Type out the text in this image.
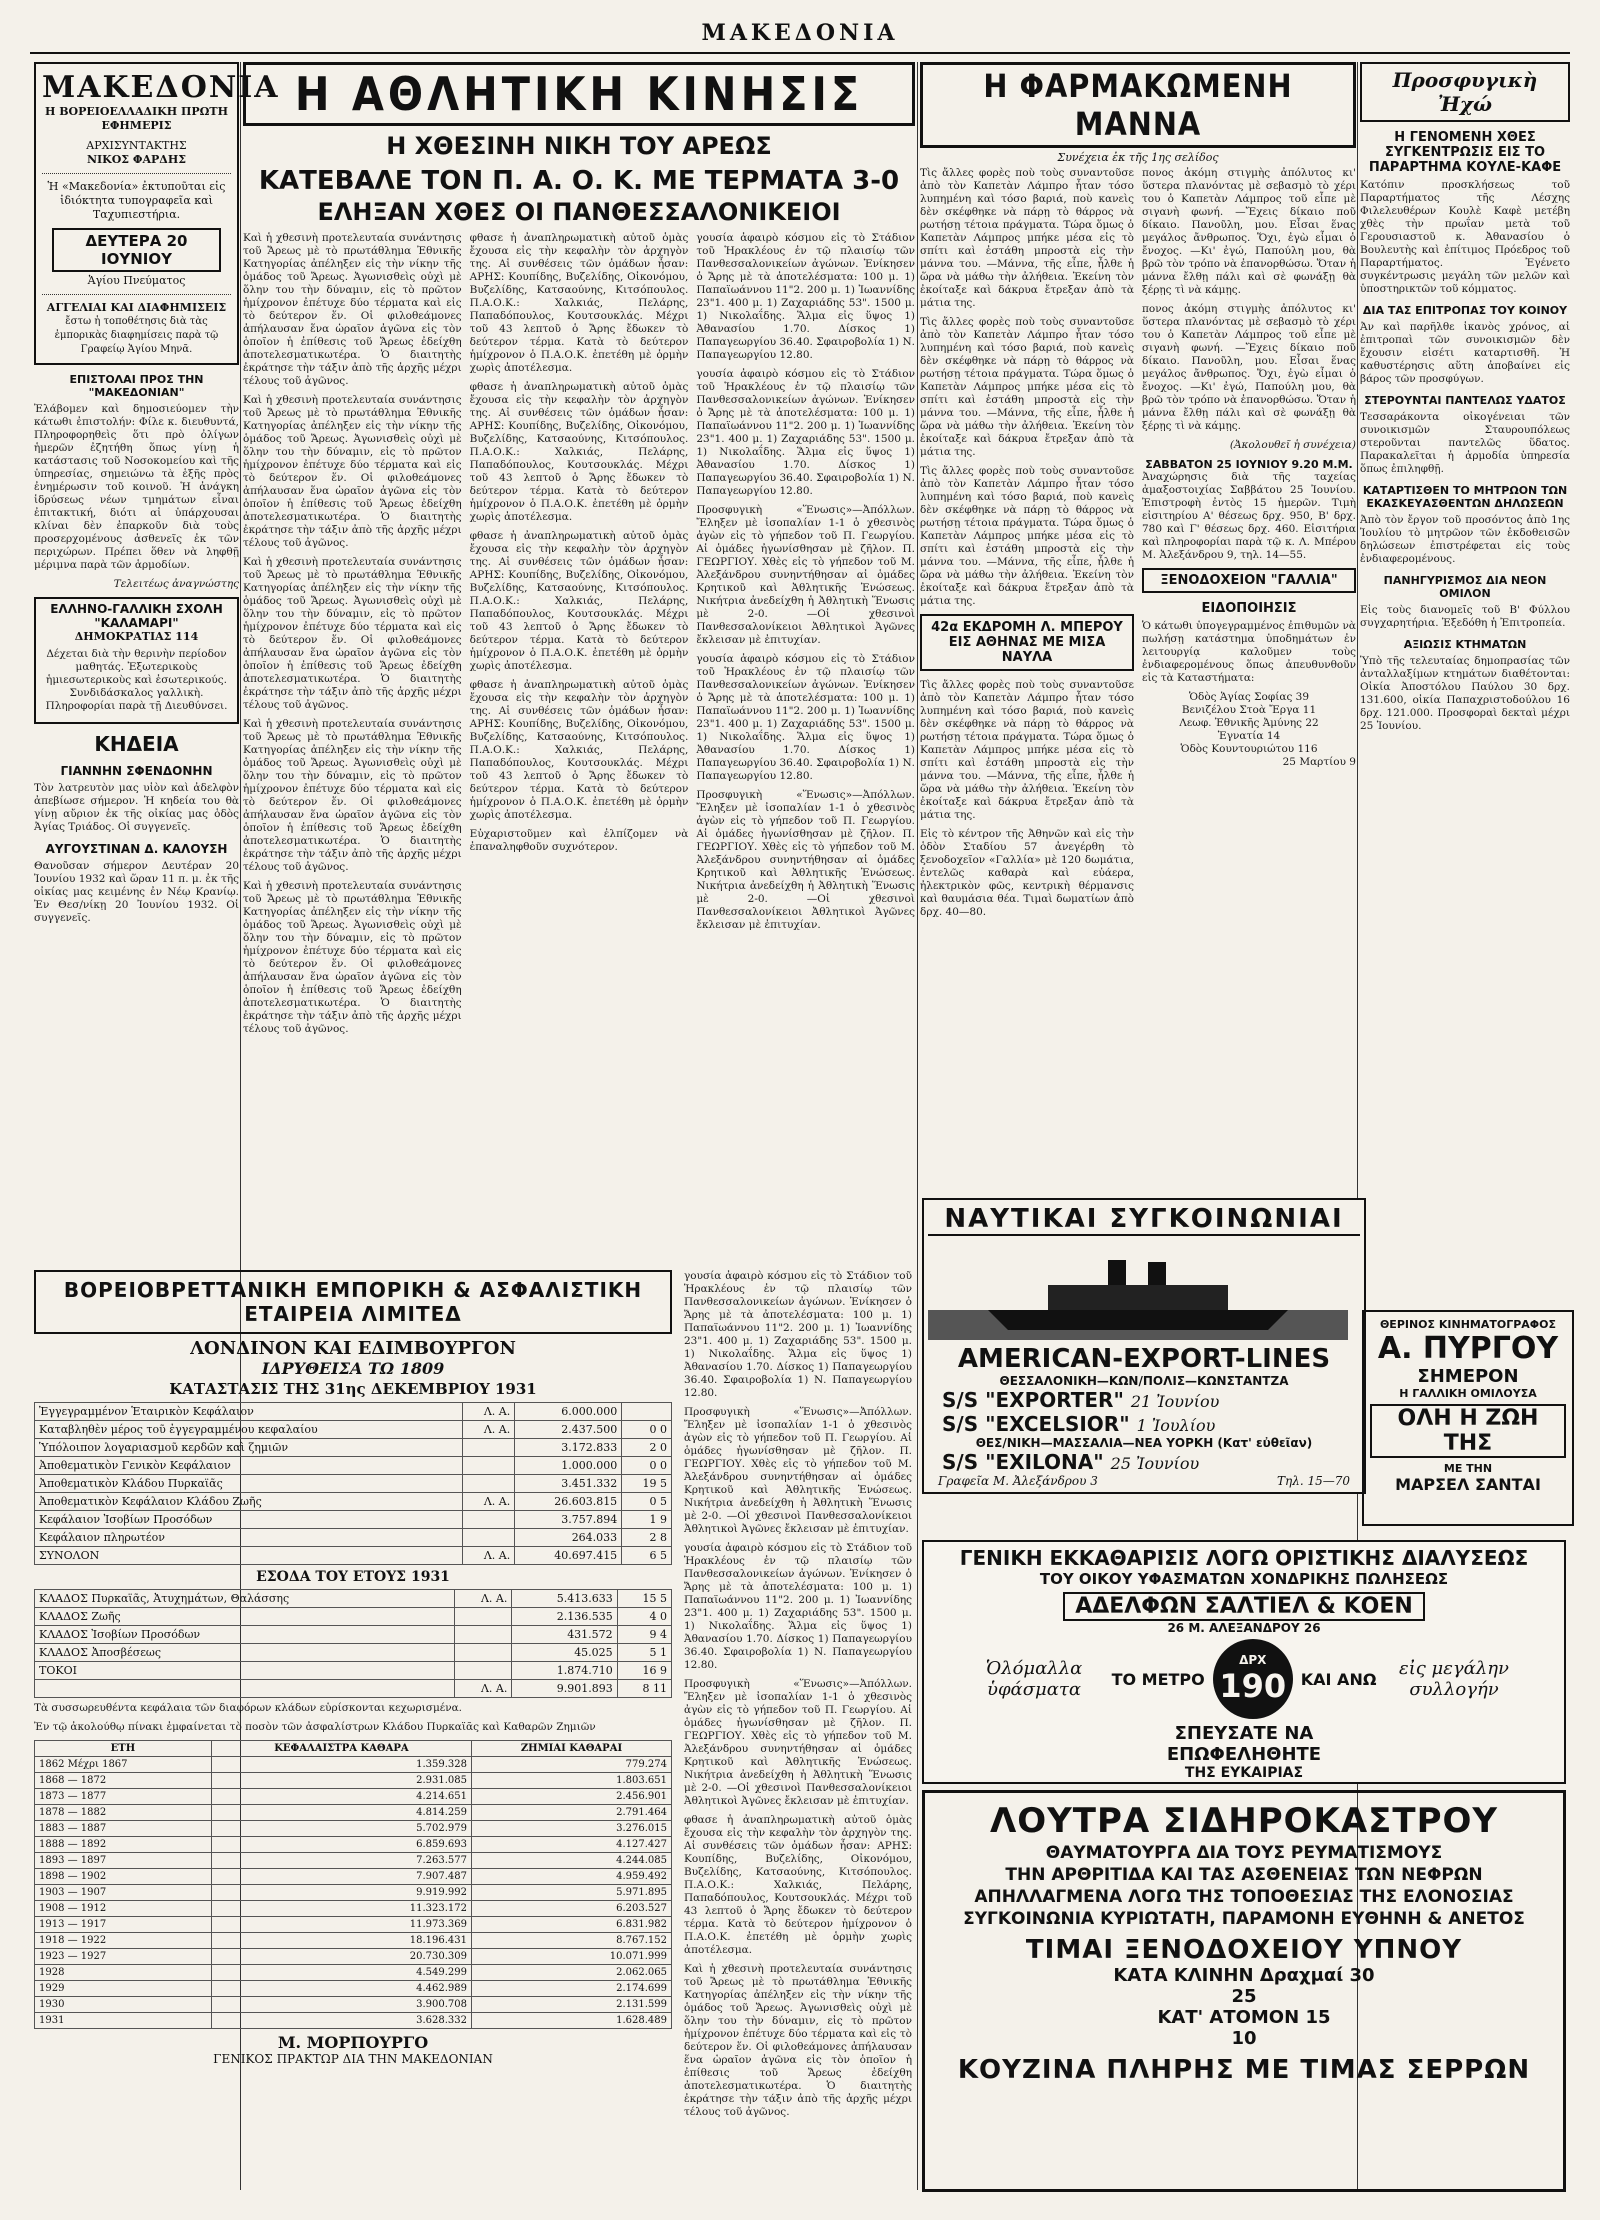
ΜΑΚΕΔΟΝΙΑ
ΜΑΚΕΔΟΝΙΑ
Η ΒΟΡΕΙΟΕΛΛΑΔΙΚΗ ΠΡΩΤΗ ΕΦΗΜΕΡΙΣ
ΑΡΧΙΣΥΝΤΑΚΤΗΣ
ΝΙΚΟΣ ΦΑΡΔΗΣ
Ἡ «Μακεδονία» ἐκτυποῦται εἰς ἰδιόκτητα τυπογραφεῖα καὶ Ταχυπιεστήρια.
ΔΕΥΤΕΡΑ 20 ΙΟΥΝΙΟΥ
Ἁγίου Πνεύματος
ΑΓΓΕΛΙΑΙ ΚΑΙ ΔΙΑΦΗΜΙΣΕΙΣ
ἔστω ἡ τοποθέτησις διὰ τὰς ἐμπορικὰς διαφημίσεις παρὰ τῷ Γραφείῳ Ἁγίου Μηνᾶ.
ΕΠΙΣΤΟΛΑΙ ΠΡΟΣ ΤΗΝ "ΜΑΚΕΔΟΝΙΑΝ"

Ἐλάβομεν καὶ δημοσιεύομεν τὴν κάτωθι ἐπιστολήν: Φίλε κ. διευθυντά, Πληροφορηθεὶς ὅτι πρὸ ὀλίγων ἡμερῶν ἐζητήθη ὅπως γίνῃ ἡ κατάστασις τοῦ Νοσοκομείου καὶ τῆς ὑπηρεσίας, σημειώνω τὰ ἑξῆς πρὸς ἐνημέρωσιν τοῦ κοινοῦ. Ἡ ἀνάγκη ἱδρύσεως νέων τμημάτων εἶναι ἐπιτακτική, διότι αἱ ὑπάρχουσαι κλίναι δὲν ἐπαρκοῦν διὰ τοὺς προσερχομένους ἀσθενεῖς ἐκ τῶν περιχώρων. Πρέπει ὅθεν νὰ ληφθῇ μέριμνα παρὰ τῶν ἁρμοδίων.

Τελειτέως ἀναγνώστης

ΕΛΛΗΝΟ-ΓΑΛΛΙΚΗ ΣΧΟΛΗ "ΚΑΛΑΜΑΡΙ"
ΔΗΜΟΚΡΑΤΙΑΣ 114

Δέχεται διὰ τὴν θερινὴν περίοδον μαθητάς. Ἐξωτερικοὺς ἡμιεσωτερικοὺς καὶ ἐσωτερικούς. Συνδιδάσκαλος γαλλικὴ. Πληροφορίαι παρὰ τῇ Διευθύνσει.

ΚΗΔΕΙΑ
ΓΙΑΝΝΗΝ ΣΦΕΝΔΟΝΗΝ

Τὸν λατρευτὸν μας υἱὸν καὶ ἀδελφὸν ἀπεβίωσε σήμερον. Ἡ κηδεία του θὰ γίνῃ αὔριον ἐκ τῆς οἰκίας μας ὁδὸς Ἀγίας Τριάδος. Οἱ συγγενεῖς.

ΑΥΓΟΥΣΤΙΝΑΝ Δ. ΚΑΛΟΥΣΗ

Θανοῦσαν σήμερον Δευτέραν 20 Ἰουνίου 1932 καὶ ὥραν 11 π. μ. ἐκ τῆς οἰκίας μας κειμένης ἐν Νέῳ Κρανίῳ. Ἐν Θεσ/νίκῃ 20 Ἰουνίου 1932. Οἱ συγγενεῖς.

Η ΑΘΛΗΤΙΚΗ ΚΙΝΗΣΙΣ
Η ΧΘΕΣΙΝΗ ΝΙΚΗ ΤΟΥ ΑΡΕΩΣ
ΚΑΤΕΒΑΛΕ ΤΟΝ Π. Α. Ο. Κ. ΜΕ ΤΕΡΜΑΤΑ 3-0
ΕΛΗΞΑΝ ΧΘΕΣ ΟΙ ΠΑΝΘΕΣΣΑΛΟΝΙΚΕΙΟΙ

Καὶ ἡ χθεσινὴ προτελευταία συνάντησις τοῦ Ἄρεως μὲ τὸ πρωτάθλημα Ἐθνικῆς Κατηγορίας ἀπέληξεν εἰς τὴν νίκην τῆς ὁμάδος τοῦ Ἄρεως. Ἀγωνισθεὶς οὐχὶ μὲ ὅλην του τὴν δύναμιν, εἰς τὸ πρῶτον ἡμίχρονον ἐπέτυχε δύο τέρματα καὶ εἰς τὸ δεύτερον ἕν. Οἱ φιλοθεάμονες ἀπήλαυσαν ἕνα ὡραῖον ἀγῶνα εἰς τὸν ὁποῖον ἡ ἐπίθεσις τοῦ Ἄρεως ἐδείχθη ἀποτελεσματικωτέρα. Ὁ διαιτητὴς ἐκράτησε τὴν τάξιν ἀπὸ τῆς ἀρχῆς μέχρι τέλους τοῦ ἀγῶνος.

Καὶ ἡ χθεσινὴ προτελευταία συνάντησις τοῦ Ἄρεως μὲ τὸ πρωτάθλημα Ἐθνικῆς Κατηγορίας ἀπέληξεν εἰς τὴν νίκην τῆς ὁμάδος τοῦ Ἄρεως. Ἀγωνισθεὶς οὐχὶ μὲ ὅλην του τὴν δύναμιν, εἰς τὸ πρῶτον ἡμίχρονον ἐπέτυχε δύο τέρματα καὶ εἰς τὸ δεύτερον ἕν. Οἱ φιλοθεάμονες ἀπήλαυσαν ἕνα ὡραῖον ἀγῶνα εἰς τὸν ὁποῖον ἡ ἐπίθεσις τοῦ Ἄρεως ἐδείχθη ἀποτελεσματικωτέρα. Ὁ διαιτητὴς ἐκράτησε τὴν τάξιν ἀπὸ τῆς ἀρχῆς μέχρι τέλους τοῦ ἀγῶνος.

Καὶ ἡ χθεσινὴ προτελευταία συνάντησις τοῦ Ἄρεως μὲ τὸ πρωτάθλημα Ἐθνικῆς Κατηγορίας ἀπέληξεν εἰς τὴν νίκην τῆς ὁμάδος τοῦ Ἄρεως. Ἀγωνισθεὶς οὐχὶ μὲ ὅλην του τὴν δύναμιν, εἰς τὸ πρῶτον ἡμίχρονον ἐπέτυχε δύο τέρματα καὶ εἰς τὸ δεύτερον ἕν. Οἱ φιλοθεάμονες ἀπήλαυσαν ἕνα ὡραῖον ἀγῶνα εἰς τὸν ὁποῖον ἡ ἐπίθεσις τοῦ Ἄρεως ἐδείχθη ἀποτελεσματικωτέρα. Ὁ διαιτητὴς ἐκράτησε τὴν τάξιν ἀπὸ τῆς ἀρχῆς μέχρι τέλους τοῦ ἀγῶνος.

Καὶ ἡ χθεσινὴ προτελευταία συνάντησις τοῦ Ἄρεως μὲ τὸ πρωτάθλημα Ἐθνικῆς Κατηγορίας ἀπέληξεν εἰς τὴν νίκην τῆς ὁμάδος τοῦ Ἄρεως. Ἀγωνισθεὶς οὐχὶ μὲ ὅλην του τὴν δύναμιν, εἰς τὸ πρῶτον ἡμίχρονον ἐπέτυχε δύο τέρματα καὶ εἰς τὸ δεύτερον ἕν. Οἱ φιλοθεάμονες ἀπήλαυσαν ἕνα ὡραῖον ἀγῶνα εἰς τὸν ὁποῖον ἡ ἐπίθεσις τοῦ Ἄρεως ἐδείχθη ἀποτελεσματικωτέρα. Ὁ διαιτητὴς ἐκράτησε τὴν τάξιν ἀπὸ τῆς ἀρχῆς μέχρι τέλους τοῦ ἀγῶνος.

Καὶ ἡ χθεσινὴ προτελευταία συνάντησις τοῦ Ἄρεως μὲ τὸ πρωτάθλημα Ἐθνικῆς Κατηγορίας ἀπέληξεν εἰς τὴν νίκην τῆς ὁμάδος τοῦ Ἄρεως. Ἀγωνισθεὶς οὐχὶ μὲ ὅλην του τὴν δύναμιν, εἰς τὸ πρῶτον ἡμίχρονον ἐπέτυχε δύο τέρματα καὶ εἰς τὸ δεύτερον ἕν. Οἱ φιλοθεάμονες ἀπήλαυσαν ἕνα ὡραῖον ἀγῶνα εἰς τὸν ὁποῖον ἡ ἐπίθεσις τοῦ Ἄρεως ἐδείχθη ἀποτελεσματικωτέρα. Ὁ διαιτητὴς ἐκράτησε τὴν τάξιν ἀπὸ τῆς ἀρχῆς μέχρι τέλους τοῦ ἀγῶνος.

φθασε ἡ ἀναπληρωματικὴ αὐτοῦ ὁμὰς ἔχουσα εἰς τὴν κεφαλὴν τὸν ἀρχηγὸν της. Αἱ συνθέσεις τῶν ὁμάδων ἦσαν: ΑΡΗΣ: Κουπίδης, Βυζελίδης, Οἰκονόμου, Βυζελίδης, Κατσαούνης, Κιτσόπουλος. Π.Α.Ο.Κ.: Χαλκιάς, Πελάρης, Παπαδόπουλος, Κουτσουκλάς. Μέχρι τοῦ 43 λεπτοῦ ὁ Ἄρης ἔδωκεν τὸ δεύτερον τέρμα. Κατὰ τὸ δεύτερον ἡμίχρονον ὁ Π.Α.Ο.Κ. ἐπετέθη μὲ ὁρμὴν χωρὶς ἀποτέλεσμα.

φθασε ἡ ἀναπληρωματικὴ αὐτοῦ ὁμὰς ἔχουσα εἰς τὴν κεφαλὴν τὸν ἀρχηγὸν της. Αἱ συνθέσεις τῶν ὁμάδων ἦσαν: ΑΡΗΣ: Κουπίδης, Βυζελίδης, Οἰκονόμου, Βυζελίδης, Κατσαούνης, Κιτσόπουλος. Π.Α.Ο.Κ.: Χαλκιάς, Πελάρης, Παπαδόπουλος, Κουτσουκλάς. Μέχρι τοῦ 43 λεπτοῦ ὁ Ἄρης ἔδωκεν τὸ δεύτερον τέρμα. Κατὰ τὸ δεύτερον ἡμίχρονον ὁ Π.Α.Ο.Κ. ἐπετέθη μὲ ὁρμὴν χωρὶς ἀποτέλεσμα.

φθασε ἡ ἀναπληρωματικὴ αὐτοῦ ὁμὰς ἔχουσα εἰς τὴν κεφαλὴν τὸν ἀρχηγὸν της. Αἱ συνθέσεις τῶν ὁμάδων ἦσαν: ΑΡΗΣ: Κουπίδης, Βυζελίδης, Οἰκονόμου, Βυζελίδης, Κατσαούνης, Κιτσόπουλος. Π.Α.Ο.Κ.: Χαλκιάς, Πελάρης, Παπαδόπουλος, Κουτσουκλάς. Μέχρι τοῦ 43 λεπτοῦ ὁ Ἄρης ἔδωκεν τὸ δεύτερον τέρμα. Κατὰ τὸ δεύτερον ἡμίχρονον ὁ Π.Α.Ο.Κ. ἐπετέθη μὲ ὁρμὴν χωρὶς ἀποτέλεσμα.

φθασε ἡ ἀναπληρωματικὴ αὐτοῦ ὁμὰς ἔχουσα εἰς τὴν κεφαλὴν τὸν ἀρχηγὸν της. Αἱ συνθέσεις τῶν ὁμάδων ἦσαν: ΑΡΗΣ: Κουπίδης, Βυζελίδης, Οἰκονόμου, Βυζελίδης, Κατσαούνης, Κιτσόπουλος. Π.Α.Ο.Κ.: Χαλκιάς, Πελάρης, Παπαδόπουλος, Κουτσουκλάς. Μέχρι τοῦ 43 λεπτοῦ ὁ Ἄρης ἔδωκεν τὸ δεύτερον τέρμα. Κατὰ τὸ δεύτερον ἡμίχρονον ὁ Π.Α.Ο.Κ. ἐπετέθη μὲ ὁρμὴν χωρὶς ἀποτέλεσμα.

Εὐχαριστοῦμεν καὶ ἐλπίζομεν νὰ ἐπαναληφθοῦν συχνότερον.

γουσία ἀφαιρὸ κόσμου εἰς τὸ Στάδιον τοῦ Ἡρακλέους ἐν τῷ πλαισίῳ τῶν Πανθεσσαλονικείων ἀγώνων. Ἐνίκησεν ὁ Ἄρης μὲ τὰ ἀποτελέσματα: 100 μ. 1) Παπαϊωάννου 11"2. 200 μ. 1) Ἰωαννίδης 23"1. 400 μ. 1) Ζαχαριάδης 53". 1500 μ. 1) Νικολαΐδης. Ἅλμα εἰς ὕψος 1) Ἀθανασίου 1.70. Δίσκος 1) Παπαγεωργίου 36.40. Σφαιροβολία 1) Ν. Παπαγεωργίου 12.80.

γουσία ἀφαιρὸ κόσμου εἰς τὸ Στάδιον τοῦ Ἡρακλέους ἐν τῷ πλαισίῳ τῶν Πανθεσσαλονικείων ἀγώνων. Ἐνίκησεν ὁ Ἄρης μὲ τὰ ἀποτελέσματα: 100 μ. 1) Παπαϊωάννου 11"2. 200 μ. 1) Ἰωαννίδης 23"1. 400 μ. 1) Ζαχαριάδης 53". 1500 μ. 1) Νικολαΐδης. Ἅλμα εἰς ὕψος 1) Ἀθανασίου 1.70. Δίσκος 1) Παπαγεωργίου 36.40. Σφαιροβολία 1) Ν. Παπαγεωργίου 12.80.

Προσφυγικὴ «Ἕνωσις»—Ἀπόλλων. Ἔληξεν μὲ ἰσοπαλίαν 1-1 ὁ χθεσινὸς ἀγὼν εἰς τὸ γήπεδον τοῦ Π. Γεωργίου. Αἱ ὁμάδες ἠγωνίσθησαν μὲ ζῆλον. Π. ΓΕΩΡΓΙΟΥ. Χθὲς εἰς τὸ γήπεδον τοῦ Μ. Ἀλεξάνδρου συνηντήθησαν αἱ ὁμάδες Κρητικοῦ καὶ Ἀθλητικῆς Ἑνώσεως. Νικήτρια ἀνεδείχθη ἡ Ἀθλητικὴ Ἕνωσις μὲ 2-0. —Οἱ χθεσινοὶ Πανθεσσαλονίκειοι Ἀθλητικοὶ Ἀγῶνες ἔκλεισαν μὲ ἐπιτυχίαν.

γουσία ἀφαιρὸ κόσμου εἰς τὸ Στάδιον τοῦ Ἡρακλέους ἐν τῷ πλαισίῳ τῶν Πανθεσσαλονικείων ἀγώνων. Ἐνίκησεν ὁ Ἄρης μὲ τὰ ἀποτελέσματα: 100 μ. 1) Παπαϊωάννου 11"2. 200 μ. 1) Ἰωαννίδης 23"1. 400 μ. 1) Ζαχαριάδης 53". 1500 μ. 1) Νικολαΐδης. Ἅλμα εἰς ὕψος 1) Ἀθανασίου 1.70. Δίσκος 1) Παπαγεωργίου 36.40. Σφαιροβολία 1) Ν. Παπαγεωργίου 12.80.

Προσφυγικὴ «Ἕνωσις»—Ἀπόλλων. Ἔληξεν μὲ ἰσοπαλίαν 1-1 ὁ χθεσινὸς ἀγὼν εἰς τὸ γήπεδον τοῦ Π. Γεωργίου. Αἱ ὁμάδες ἠγωνίσθησαν μὲ ζῆλον. Π. ΓΕΩΡΓΙΟΥ. Χθὲς εἰς τὸ γήπεδον τοῦ Μ. Ἀλεξάνδρου συνηντήθησαν αἱ ὁμάδες Κρητικοῦ καὶ Ἀθλητικῆς Ἑνώσεως. Νικήτρια ἀνεδείχθη ἡ Ἀθλητικὴ Ἕνωσις μὲ 2-0. —Οἱ χθεσινοὶ Πανθεσσαλονίκειοι Ἀθλητικοὶ Ἀγῶνες ἔκλεισαν μὲ ἐπιτυχίαν.

ΒΟΡΕΙΟΒΡΕΤΤΑΝΙΚΗ ΕΜΠΟΡΙΚΗ & ΑΣΦΑΛΙΣΤΙΚΗ ΕΤΑΙΡΕΙΑ ΛΙΜΙΤΕΔ
ΛΟΝΔΙΝΟΝ ΚΑΙ ΕΔΙΜΒΟΥΡΓΟΝ
ΙΔΡΥΘΕΙΣΑ ΤΩ 1809
ΚΑΤΑΣΤΑΣΙΣ ΤΗΣ 31ης ΔΕΚΕΜΒΡΙΟΥ 1931
Ἐγγεγραμμένον Ἑταιρικὸν Κεφάλαιον	Λ. Α.	6.000.000	
Καταβληθὲν μέρος τοῦ ἐγγεγραμμένου κεφαλαίου	Λ. Α.	2.437.500	0 0
Ὑπόλοιπον λογαριασμοῦ κερδῶν καὶ ζημιῶν		3.172.833	2 0
Ἀποθεματικὸν Γενικὸν Κεφάλαιον		1.000.000	0 0
Ἀποθεματικὸν Κλάδου Πυρκαϊᾶς		3.451.332	19 5
Ἀποθεματικὸν Κεφάλαιον Κλάδου Ζωῆς	Λ. Α.	26.603.815	0 5
Κεφάλαιον Ἰσοβίων Προσόδων		3.757.894	1 9
Κεφάλαιον πληρωτέον		264.033	2 8
ΣΥΝΟΛΟΝ	Λ. Α.	40.697.415	6 5
ΕΣΟΔΑ ΤΟΥ ΕΤΟΥΣ 1931
ΚΛΑΔΟΣ Πυρκαϊᾶς, Ἀτυχημάτων, Θαλάσσης	Λ. Α.	5.413.633	15 5
ΚΛΑΔΟΣ Ζωῆς		2.136.535	4 0
ΚΛΑΔΟΣ Ἰσοβίων Προσόδων		431.572	9 4
ΚΛΑΔΟΣ Ἀποσβέσεως		45.025	5 1
ΤΟΚΟΙ		1.874.710	16 9
	Λ. Α.	9.901.893	8 11

Τὰ συσσωρευθέντα κεφάλαια τῶν διαφόρων κλάδων εὑρίσκονται κεχωρισμένα.

Ἐν τῷ ἀκολούθῳ πίνακι ἐμφαίνεται τὸ ποσὸν τῶν ἀσφαλίστρων Κλάδου Πυρκαϊᾶς καὶ Καθαρῶν Ζημιῶν

ΕΤΗ	ΚΕΦΑΛΑΙΣΤΡΑ ΚΑΘΑΡΑ	ΖΗΜΙΑΙ ΚΑΘΑΡΑΙ
1862 Μέχρι 1867	1.359.328	779.274
1868 — 1872	2.931.085	1.803.651
1873 — 1877	4.214.651	2.456.901
1878 — 1882	4.814.259	2.791.464
1883 — 1887	5.702.979	3.276.015
1888 — 1892	6.859.693	4.127.427
1893 — 1897	7.263.577	4.244.085
1898 — 1902	7.907.487	4.959.492
1903 — 1907	9.919.992	5.971.895
1908 — 1912	11.323.172	6.203.527
1913 — 1917	11.973.369	6.831.982
1918 — 1922	18.196.431	8.767.152
1923 — 1927	20.730.309	10.071.999
1928	4.549.299	2.062.065
1929	4.462.989	2.174.699
1930	3.900.708	2.131.599
1931	3.628.332	1.628.489
Μ. ΜΟΡΠΟΥΡΓΟ
ΓΕΝΙΚΟΣ ΠΡΑΚΤΩΡ ΔΙΑ ΤΗΝ ΜΑΚΕΔΟΝΙΑΝ

γουσία ἀφαιρὸ κόσμου εἰς τὸ Στάδιον τοῦ Ἡρακλέους ἐν τῷ πλαισίῳ τῶν Πανθεσσαλονικείων ἀγώνων. Ἐνίκησεν ὁ Ἄρης μὲ τὰ ἀποτελέσματα: 100 μ. 1) Παπαϊωάννου 11"2. 200 μ. 1) Ἰωαννίδης 23"1. 400 μ. 1) Ζαχαριάδης 53". 1500 μ. 1) Νικολαΐδης. Ἅλμα εἰς ὕψος 1) Ἀθανασίου 1.70. Δίσκος 1) Παπαγεωργίου 36.40. Σφαιροβολία 1) Ν. Παπαγεωργίου 12.80.

Προσφυγικὴ «Ἕνωσις»—Ἀπόλλων. Ἔληξεν μὲ ἰσοπαλίαν 1-1 ὁ χθεσινὸς ἀγὼν εἰς τὸ γήπεδον τοῦ Π. Γεωργίου. Αἱ ὁμάδες ἠγωνίσθησαν μὲ ζῆλον. Π. ΓΕΩΡΓΙΟΥ. Χθὲς εἰς τὸ γήπεδον τοῦ Μ. Ἀλεξάνδρου συνηντήθησαν αἱ ὁμάδες Κρητικοῦ καὶ Ἀθλητικῆς Ἑνώσεως. Νικήτρια ἀνεδείχθη ἡ Ἀθλητικὴ Ἕνωσις μὲ 2-0. —Οἱ χθεσινοὶ Πανθεσσαλονίκειοι Ἀθλητικοὶ Ἀγῶνες ἔκλεισαν μὲ ἐπιτυχίαν.

γουσία ἀφαιρὸ κόσμου εἰς τὸ Στάδιον τοῦ Ἡρακλέους ἐν τῷ πλαισίῳ τῶν Πανθεσσαλονικείων ἀγώνων. Ἐνίκησεν ὁ Ἄρης μὲ τὰ ἀποτελέσματα: 100 μ. 1) Παπαϊωάννου 11"2. 200 μ. 1) Ἰωαννίδης 23"1. 400 μ. 1) Ζαχαριάδης 53". 1500 μ. 1) Νικολαΐδης. Ἅλμα εἰς ὕψος 1) Ἀθανασίου 1.70. Δίσκος 1) Παπαγεωργίου 36.40. Σφαιροβολία 1) Ν. Παπαγεωργίου 12.80.

Προσφυγικὴ «Ἕνωσις»—Ἀπόλλων. Ἔληξεν μὲ ἰσοπαλίαν 1-1 ὁ χθεσινὸς ἀγὼν εἰς τὸ γήπεδον τοῦ Π. Γεωργίου. Αἱ ὁμάδες ἠγωνίσθησαν μὲ ζῆλον. Π. ΓΕΩΡΓΙΟΥ. Χθὲς εἰς τὸ γήπεδον τοῦ Μ. Ἀλεξάνδρου συνηντήθησαν αἱ ὁμάδες Κρητικοῦ καὶ Ἀθλητικῆς Ἑνώσεως. Νικήτρια ἀνεδείχθη ἡ Ἀθλητικὴ Ἕνωσις μὲ 2-0. —Οἱ χθεσινοὶ Πανθεσσαλονίκειοι Ἀθλητικοὶ Ἀγῶνες ἔκλεισαν μὲ ἐπιτυχίαν.

φθασε ἡ ἀναπληρωματικὴ αὐτοῦ ὁμὰς ἔχουσα εἰς τὴν κεφαλὴν τὸν ἀρχηγὸν της. Αἱ συνθέσεις τῶν ὁμάδων ἦσαν: ΑΡΗΣ: Κουπίδης, Βυζελίδης, Οἰκονόμου, Βυζελίδης, Κατσαούνης, Κιτσόπουλος. Π.Α.Ο.Κ.: Χαλκιάς, Πελάρης, Παπαδόπουλος, Κουτσουκλάς. Μέχρι τοῦ 43 λεπτοῦ ὁ Ἄρης ἔδωκεν τὸ δεύτερον τέρμα. Κατὰ τὸ δεύτερον ἡμίχρονον ὁ Π.Α.Ο.Κ. ἐπετέθη μὲ ὁρμὴν χωρὶς ἀποτέλεσμα.

Καὶ ἡ χθεσινὴ προτελευταία συνάντησις τοῦ Ἄρεως μὲ τὸ πρωτάθλημα Ἐθνικῆς Κατηγορίας ἀπέληξεν εἰς τὴν νίκην τῆς ὁμάδος τοῦ Ἄρεως. Ἀγωνισθεὶς οὐχὶ μὲ ὅλην του τὴν δύναμιν, εἰς τὸ πρῶτον ἡμίχρονον ἐπέτυχε δύο τέρματα καὶ εἰς τὸ δεύτερον ἕν. Οἱ φιλοθεάμονες ἀπήλαυσαν ἕνα ὡραῖον ἀγῶνα εἰς τὸν ὁποῖον ἡ ἐπίθεσις τοῦ Ἄρεως ἐδείχθη ἀποτελεσματικωτέρα. Ὁ διαιτητὴς ἐκράτησε τὴν τάξιν ἀπὸ τῆς ἀρχῆς μέχρι τέλους τοῦ ἀγῶνος.

Η ΦΑΡΜΑΚΩΜΕΝΗ ΜΑΝΝΑ
Συνέχεια ἐκ τῆς 1ης σελίδος

Τὶς ἄλλες φορὲς ποὺ τοὺς συναντοῦσε ἀπὸ τὸν Καπετὰν Λάμπρο ἦταν τόσο λυπημένη καὶ τόσο βαριά, ποὺ κανεὶς δὲν σκέφθηκε νὰ πάρῃ τὸ θάρρος νὰ ρωτήσῃ τέτοια πράγματα. Τώρα ὅμως ὁ Καπετὰν Λάμπρος μπήκε μέσα εἰς τὸ σπίτι καὶ ἐστάθη μπροστὰ εἰς τὴν μάννα του. —Μάννα, τῆς εἶπε, ἦλθε ἡ ὥρα νὰ μάθω τὴν ἀλήθεια. Ἐκείνη τὸν ἐκοίταξε καὶ δάκρυα ἔτρεξαν ἀπὸ τὰ μάτια της.

Τὶς ἄλλες φορὲς ποὺ τοὺς συναντοῦσε ἀπὸ τὸν Καπετὰν Λάμπρο ἦταν τόσο λυπημένη καὶ τόσο βαριά, ποὺ κανεὶς δὲν σκέφθηκε νὰ πάρῃ τὸ θάρρος νὰ ρωτήσῃ τέτοια πράγματα. Τώρα ὅμως ὁ Καπετὰν Λάμπρος μπήκε μέσα εἰς τὸ σπίτι καὶ ἐστάθη μπροστὰ εἰς τὴν μάννα του. —Μάννα, τῆς εἶπε, ἦλθε ἡ ὥρα νὰ μάθω τὴν ἀλήθεια. Ἐκείνη τὸν ἐκοίταξε καὶ δάκρυα ἔτρεξαν ἀπὸ τὰ μάτια της.

Τὶς ἄλλες φορὲς ποὺ τοὺς συναντοῦσε ἀπὸ τὸν Καπετὰν Λάμπρο ἦταν τόσο λυπημένη καὶ τόσο βαριά, ποὺ κανεὶς δὲν σκέφθηκε νὰ πάρῃ τὸ θάρρος νὰ ρωτήσῃ τέτοια πράγματα. Τώρα ὅμως ὁ Καπετὰν Λάμπρος μπήκε μέσα εἰς τὸ σπίτι καὶ ἐστάθη μπροστὰ εἰς τὴν μάννα του. —Μάννα, τῆς εἶπε, ἦλθε ἡ ὥρα νὰ μάθω τὴν ἀλήθεια. Ἐκείνη τὸν ἐκοίταξε καὶ δάκρυα ἔτρεξαν ἀπὸ τὰ μάτια της.

42α ΕΚΔΡΟΜΗ Λ. ΜΠΕΡΟΥ
ΕΙΣ ΑΘΗΝΑΣ ΜΕ ΜΙΣΑ ΝΑΥΛΑ

Τὶς ἄλλες φορὲς ποὺ τοὺς συναντοῦσε ἀπὸ τὸν Καπετὰν Λάμπρο ἦταν τόσο λυπημένη καὶ τόσο βαριά, ποὺ κανεὶς δὲν σκέφθηκε νὰ πάρῃ τὸ θάρρος νὰ ρωτήσῃ τέτοια πράγματα. Τώρα ὅμως ὁ Καπετὰν Λάμπρος μπήκε μέσα εἰς τὸ σπίτι καὶ ἐστάθη μπροστὰ εἰς τὴν μάννα του. —Μάννα, τῆς εἶπε, ἦλθε ἡ ὥρα νὰ μάθω τὴν ἀλήθεια. Ἐκείνη τὸν ἐκοίταξε καὶ δάκρυα ἔτρεξαν ἀπὸ τὰ μάτια της.

Εἰς τὸ κέντρον τῆς Ἀθηνῶν καὶ εἰς τὴν ὁδὸν Σταδίου 57 ἀνεγέρθη τὸ ξενοδοχεῖον «Γαλλία» μὲ 120 δωμάτια, ἐντελῶς καθαρὰ καὶ εὐάερα, ἠλεκτρικὸν φῶς, κεντρικὴ θέρμανσις καὶ θαυμάσια θέα. Τιμαὶ δωματίων ἀπὸ δρχ. 40—80.

πονος ἀκόμη στιγμὴς ἀπόλυτος κι' ὕστερα πλανόντας μὲ σεβασμὸ τὸ χέρι του ὁ Καπετὰν Λάμπρος τοῦ εἶπε μὲ σιγανὴ φωνή. —Ἔχεις δίκαιο ποῦ δίκαιο. Πανοῦλη, μου. Εἶσαι ἕνας μεγάλος ἄνθρωπος. Ὅχι, ἐγὼ εἶμαι ὁ ἔνοχος. —Κι' ἐγώ, Παπούλη μου, θὰ βρῶ τὸν τρόπο νὰ ἐπανορθώσω. Ὅταν ἡ μάννα ἔλθῃ πάλι καὶ σὲ φωνάξῃ θὰ ξέρῃς τὶ νὰ κάμῃς.

πονος ἀκόμη στιγμὴς ἀπόλυτος κι' ὕστερα πλανόντας μὲ σεβασμὸ τὸ χέρι του ὁ Καπετὰν Λάμπρος τοῦ εἶπε μὲ σιγανὴ φωνή. —Ἔχεις δίκαιο ποῦ δίκαιο. Πανοῦλη, μου. Εἶσαι ἕνας μεγάλος ἄνθρωπος. Ὅχι, ἐγὼ εἶμαι ὁ ἔνοχος. —Κι' ἐγώ, Παπούλη μου, θὰ βρῶ τὸν τρόπο νὰ ἐπανορθώσω. Ὅταν ἡ μάννα ἔλθῃ πάλι καὶ σὲ φωνάξῃ θὰ ξέρῃς τὶ νὰ κάμῃς.

(Ἀκολουθεῖ ἡ συνέχεια)

ΣΑΒΒΑΤΟΝ 25 ΙΟΥΝΙΟΥ 9.20 Μ.Μ.

Ἀναχώρησις διὰ τῆς ταχείας ἁμαξοστοιχίας Σαββάτου 25 Ἰουνίου. Ἐπιστροφὴ ἐντὸς 15 ἡμερῶν. Τιμὴ εἰσιτηρίου Α' θέσεως δρχ. 950, Β' δρχ. 780 καὶ Γ' θέσεως δρχ. 460. Εἰσιτήρια καὶ πληροφορίαι παρὰ τῷ κ. Λ. Μπέρου Μ. Ἀλεξάνδρου 9, τηλ. 14—55.

ΞΕΝΟΔΟΧΕΙΟΝ "ΓΑΛΛΙΑ"
ΕΙΔΟΠΟΙΗΣΙΣ

Ὁ κάτωθι ὑπογεγραμμένος ἐπιθυμῶν νὰ πωλήσῃ κατάστημα ὑποδημάτων ἐν λειτουργίᾳ καλοῦμεν τοὺς ἐνδιαφερομένους ὅπως ἀπευθυνθοῦν εἰς τὰ Καταστήματα:

Ὁδὸς Ἁγίας Σοφίας 39

Βενιζέλου Στοὰ Ἔργα 11

Λεωφ. Ἐθνικῆς Ἀμύνης 22

Ἐγνατία 14

Ὁδὸς Κουντουριώτου 116

25 Μαρτίου 9

ΝΑΥΤΙΚΑΙ ΣΥΓΚΟΙΝΩΝΙΑΙ
AMERICAN-EXPORT-LINES
ΘΕΣΣΑΛΟΝΙΚΗ—ΚΩΝ/ΠΟΛΙΣ—ΚΩΝΣΤΑΝΤΖΑ
S/S "EXPORTER" 21 Ἰουνίου
S/S "EXCELSIOR" 1 Ἰουλίου
ΘΕΣ/ΝΙΚΗ—ΜΑΣΣΑΛΙΑ—ΝΕΑ ΥΟΡΚΗ (Κατ' εὐθεῖαν)
S/S "EXILONA" 25 Ἰουνίου
Γραφεῖα Μ. Ἀλεξάνδρου 3	Τηλ. 15—70
ΓΕΝΙΚΗ ΕΚΚΑΘΑΡΙΣΙΣ ΛΟΓΩ ΟΡΙΣΤΙΚΗΣ ΔΙΑΛΥΣΕΩΣ
ΤΟΥ ΟΙΚΟΥ ΥΦΑΣΜΑΤΩΝ ΧΟΝΔΡΙΚΗΣ ΠΩΛΗΣΕΩΣ
ΑΔΕΛΦΩΝ ΣΑΛΤΙΕΛ & ΚΟΕΝ
26 Μ. ΑΛΕΞΑΝΔΡΟΥ 26
Ὁλόμαλλα ὑφάσματα	ΤΟ ΜΕΤΡΟ
ΔΡΧ
190 ΚΑΙ ΑΝΩ	εἰς μεγάλην συλλογήν
ΣΠΕΥΣΑΤΕ ΝΑ
ΕΠΩΦΕΛΗΘΗΤΕ
ΤΗΣ ΕΥΚΑΙΡΙΑΣ
ΛΟΥΤΡΑ ΣΙΔΗΡΟΚΑΣΤΡΟΥ
ΘΑΥΜΑΤΟΥΡΓΑ ΔΙΑ ΤΟΥΣ ΡΕΥΜΑΤΙΣΜΟΥΣ
ΤΗΝ ΑΡΘΡΙΤΙΔΑ ΚΑΙ ΤΑΣ ΑΣΘΕΝΕΙΑΣ ΤΩΝ ΝΕΦΡΩΝ
ΑΠΗΛΛΑΓΜΕΝΑ ΛΟΓΩ ΤΗΣ ΤΟΠΟΘΕΣΙΑΣ ΤΗΣ ΕΛΟΝΟΣΙΑΣ
ΣΥΓΚΟΙΝΩΝΙΑ ΚΥΡΙΩΤΑΤΗ, ΠΑΡΑΜΟΝΗ ΕΥΘΗΝΗ & ΑΝΕΤΟΣ
ΤΙΜΑΙ ΞΕΝΟΔΟΧΕΙΟΥ ΥΠΝΟΥ
ΚΑΤΑ ΚΛΙΝΗΝ Δραχμαί 30
25
ΚΑΤ' ΑΤΟΜΟΝ 15
10
ΚΟΥΖΙΝΑ ΠΛΗΡΗΣ ΜΕ ΤΙΜΑΣ ΣΕΡΡΩΝ
Προσφυγικὴ Ἠχώ
Η ΓΕΝΟΜΕΝΗ ΧΘΕΣ ΣΥΓΚΕΝΤΡΩΣΙΣ ΕΙΣ ΤΟ ΠΑΡΑΡΤΗΜΑ ΚΟΥΛΕ-ΚΑΦΕ

Κατόπιν προσκλήσεως τοῦ Παραρτήματος τῆς Λέσχης Φιλελευθέρων Κουλὲ Καφὲ μετέβη χθὲς τὴν πρωΐαν μετὰ τοῦ Γερουσιαστοῦ κ. Ἀθανασίου ὁ Βουλευτὴς καὶ ἐπίτιμος Πρόεδρος τοῦ Παραρτήματος. Ἐγένετο συγκέντρωσις μεγάλη τῶν μελῶν καὶ ὑποστηρικτῶν τοῦ κόμματος.

ΔΙΑ ΤΑΣ ΕΠΙΤΡΟΠΑΣ ΤΟΥ ΚΟΙΝΟΥ

Ἀν καὶ παρῆλθε ἱκανὸς χρόνος, αἱ ἐπιτροπαὶ τῶν συνοικισμῶν δὲν ἔχουσιν εἰσέτι καταρτισθῆ. Ἡ καθυστέρησις αὕτη ἀποβαίνει εἰς βάρος τῶν προσφύγων.

ΣΤΕΡΟΥΝΤΑΙ ΠΑΝΤΕΛΩΣ ΥΔΑΤΟΣ

Τεσσαράκοντα οἰκογένειαι τῶν συνοικισμῶν Σταυρουπόλεως στεροῦνται παντελῶς ὕδατος. Παρακαλεῖται ἡ ἁρμοδία ὑπηρεσία ὅπως ἐπιληφθῇ.

ΚΑΤΑΡΤΙΣΘΕΝ ΤΟ ΜΗΤΡΩΟΝ ΤΩΝ ΕΚΑΣΚΕΥΑΣΘΕΝΤΩΝ ΔΗΛΩΣΕΩΝ

Ἀπὸ τὸν ἔργον τοῦ προσόντος ἀπὸ 1ης Ἰουλίου τὸ μητρῶον τῶν ἐκδοθεισῶν δηλώσεων ἐπιστρέφεται εἰς τοὺς ἐνδιαφερομένους.

ΠΑΝΗΓΥΡΙΣΜΟΣ ΔΙΑ ΝΕΟΝ ΟΜΙΛΟΝ

Εἰς τοὺς διανομεῖς τοῦ Β' Φύλλου συγχαρητήρια. Ἐξεδόθη ἡ Ἐπιτροπεία.

ΑΞΙΩΣΙΣ ΚΤΗΜΑΤΩΝ

Ὑπὸ τῆς τελευταίας δημοπρασίας τῶν ἀνταλλαξίμων κτημάτων διαθέτονται: Οἰκία Ἀποστόλου Παύλου 30 δρχ. 131.600, οἰκία Παπαχριστοδούλου 16 δρχ. 121.000. Προσφοραὶ δεκταὶ μέχρι 25 Ἰουνίου.

ΘΕΡΙΝΟΣ ΚΙΝΗΜΑΤΟΓΡΑΦΟΣ
Α. ΠΥΡΓΟΥ
ΣΗΜΕΡΟΝ
Η ΓΑΛΛΙΚΗ ΟΜΙΛΟΥΣΑ
ΟΛΗ Η ΖΩΗ ΤΗΣ
ΜΕ ΤΗΝ
ΜΑΡΣΕΛ ΣΑΝΤΑΙ
